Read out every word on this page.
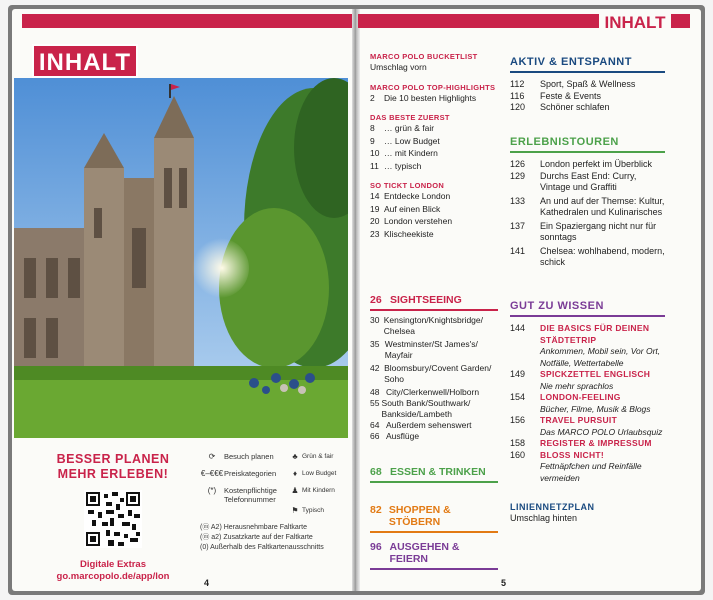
INHALT
INHALT
BESSER PLANEN
MEHR ERLEBEN!
Digitale Extras
go.marcopolo.de/app/lon
⟳	Besuch planen	♣ Grün & fair
€–€€€ Preiskategorien	♦ Low Budget
(*)	Kostenpflichtige Telefonnummer
♟ Mit Kindern
⚑ Typisch
(ⓜ A2) Herausnehmbare Faltkarte
(ⓜ a2) Zusatzkarte auf der Faltkarte
(0) Außerhalb des Faltkartenausschnitts
4
MARCO POLO BUCKETLIST
Umschlag vorn
MARCO POLO TOP-HIGHLIGHTS
2	Die 10 besten Highlights
DAS BESTE ZUERST
8	… grün & fair
9	… Low Budget
10 … mit Kindern
11 … typisch
SO TICKT LONDON
14 Entdecke London
19 Auf einen Blick
20 London verstehen
23 Klischeekiste
26 SIGHTSEEING
30 Kensington/Knightsbridge/ Chelsea
35 Westminster/St James's/ Mayfair
42 Bloomsbury/Covent Garden/ Soho
48 City/Clerkenwell/Holborn
55 South Bank/Southwark/ Bankside/Lambeth
64 Außerdem sehenswert
66 Ausflüge
68 ESSEN & TRINKEN
82 SHOPPEN & STÖBERN
96 AUSGEHEN & FEIERN
5
AKTIV & ENTSPANNT
112	Sport, Spaß & Wellness
116	Feste & Events
120	Schöner schlafen
ERLEBNISTOUREN
126	London perfekt im Überblick
129	Durchs East End: Curry, Vintage und Graffiti
133	An und auf der Themse: Kultur, Kathedralen und Kulinarisches
137	Ein Spaziergang nicht nur für sonntags
141	Chelsea: wohlhabend, modern, schick
GUT ZU WISSEN
144	DIE BASICS FÜR DEINEN STÄDTETRIP
Ankommen, Mobil sein, Vor Ort, Notfälle, Wettertabelle
149	SPICKZETTEL ENGLISCH
Nie mehr sprachlos
154	LONDON-FEELING
Bücher, Filme, Musik & Blogs
156	TRAVEL PURSUIT
Das MARCO POLO Urlaubsquiz
158	REGISTER & IMPRESSUM
160	BLOSS NICHT!
Fettnäpfchen und Reinfälle vermeiden
LINIENNETZPLAN
Umschlag hinten
